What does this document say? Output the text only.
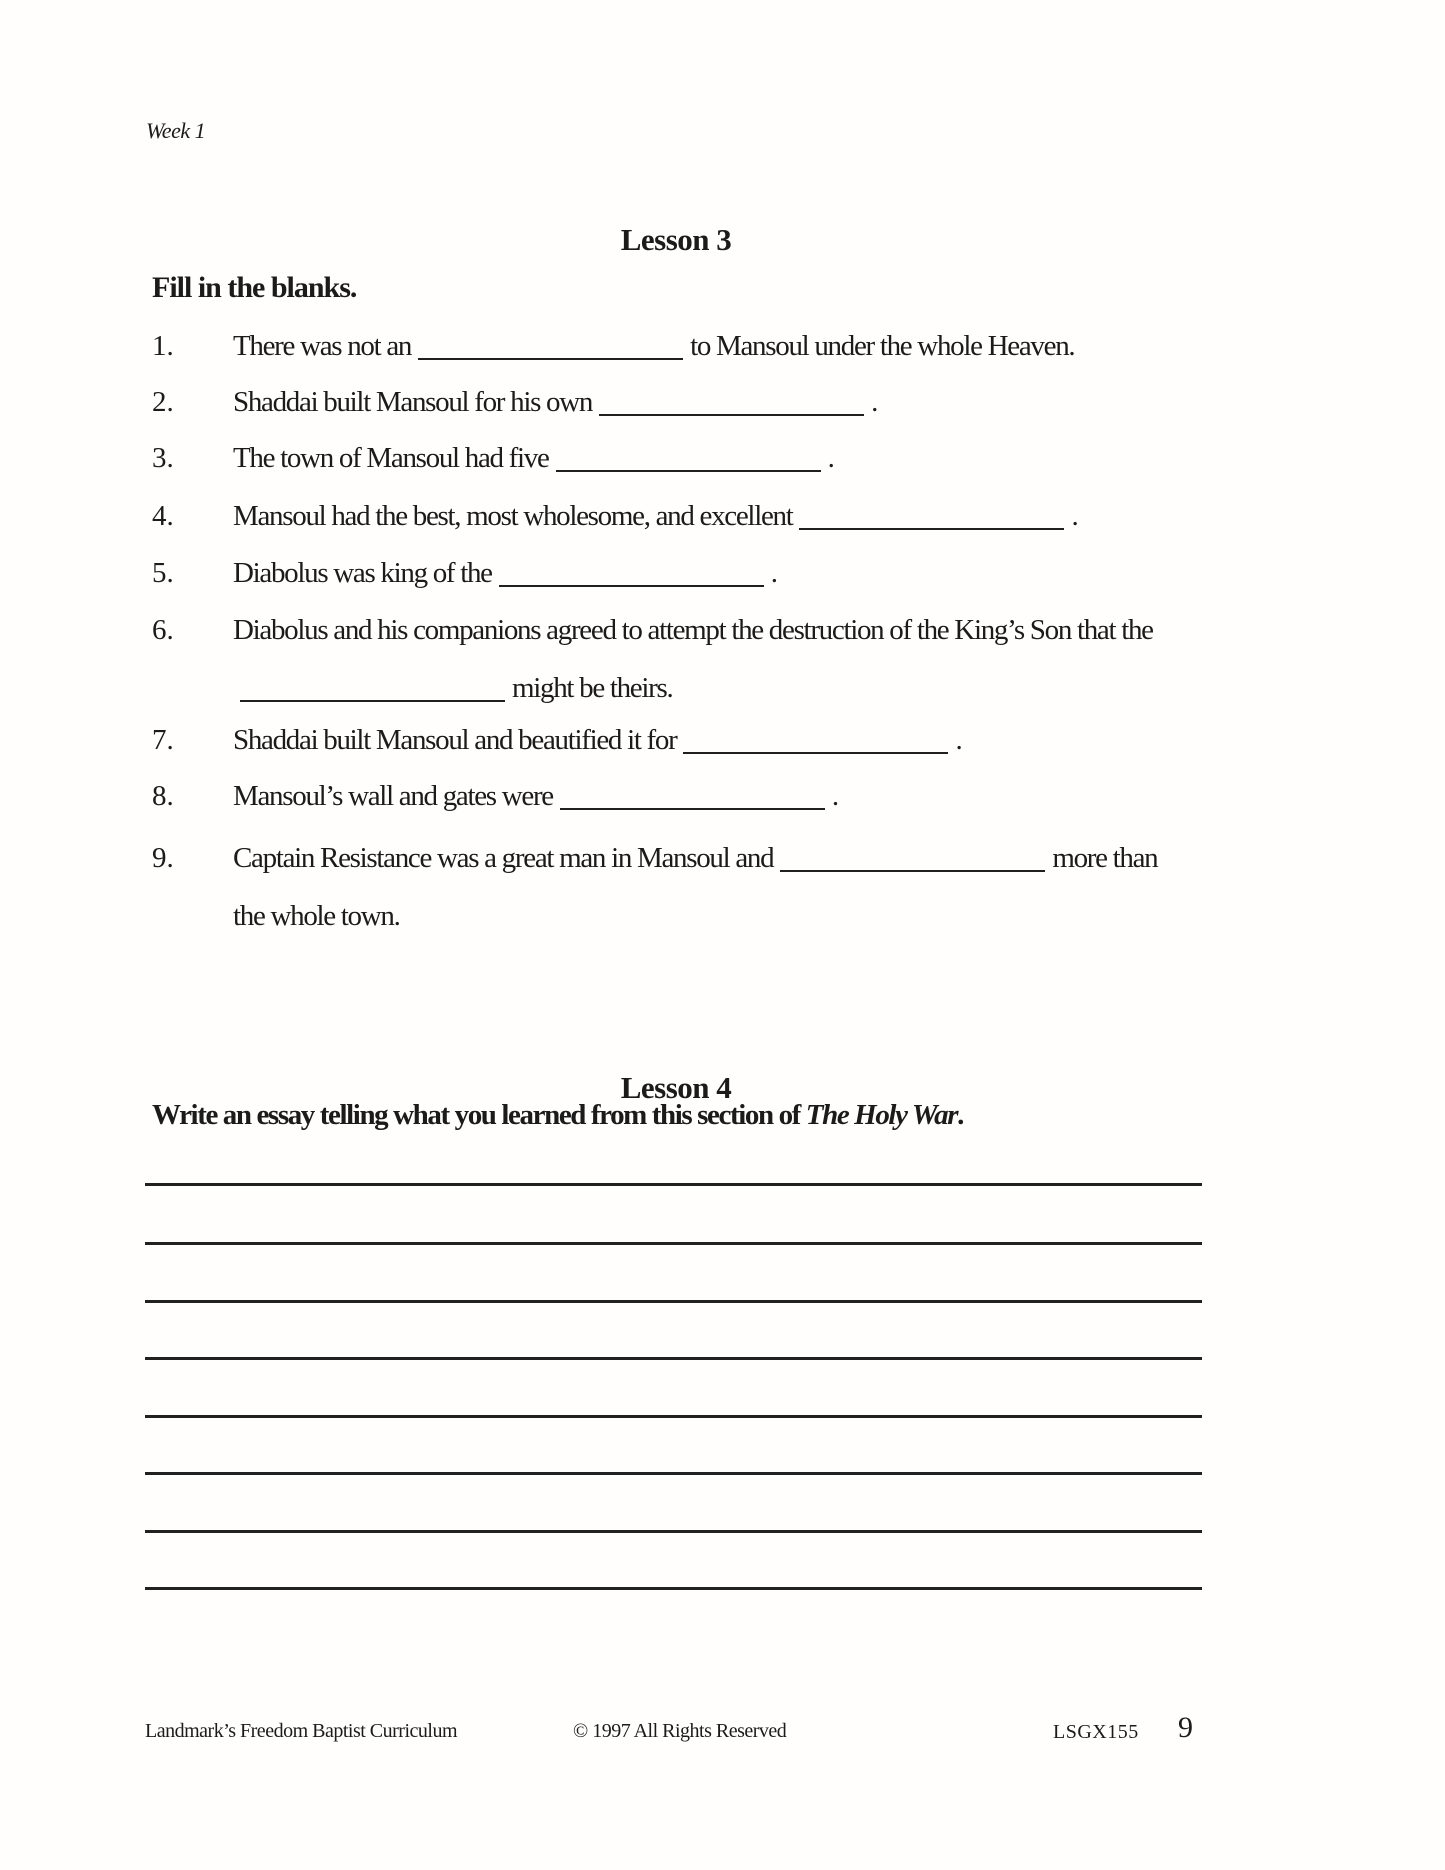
Week 1
Lesson 3
Fill in the blanks.
1. There was not an	to Mansoul under the whole Heaven.
2. Shaddai built Mansoul for his own	.
3. The town of Mansoul had five	.
4. Mansoul had the best, most wholesome, and excellent	.
5. Diabolus was king of the	.
6. Diabolus and his companions agreed to attempt the destruction of the King’s Son that the
might be theirs.
7. Shaddai built Mansoul and beautified it for	.
8. Mansoul’s wall and gates were	.
9. Captain Resistance was a great man in Mansoul and	more than
the whole town.
Lesson 4
Write an essay telling what you learned from this section of The Holy War.
Landmark’s Freedom Baptist Curriculum	© 1997 All Rights Reserved	LSGX155 9
